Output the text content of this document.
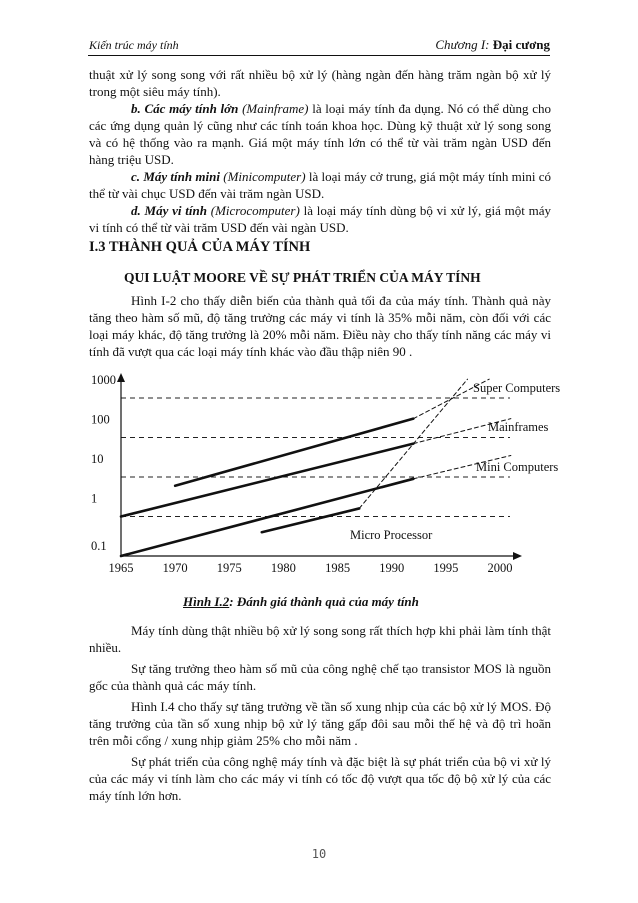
Kiến trúc máy tính	Chương I: Đại cương
thuật xử lý song song với rất nhiều bộ xử lý (hàng ngàn đến hàng trăm ngàn bộ xử lý trong một siêu máy tính).
b. Các máy tính lớn (Mainframe) là loại máy tính đa dụng. Nó có thể dùng cho các ứng dụng quản lý cũng như các tính toán khoa học. Dùng kỹ thuật xử lý song song và có hệ thống vào ra mạnh. Giá một máy tính lớn có thể từ vài trăm ngàn USD đến hàng triệu USD.
c. Máy tính mini (Minicomputer) là loại máy cở trung, giá một máy tính mini có thể từ vài chục USD đến vài trăm ngàn USD.
d. Máy vi tính (Microcomputer) là loại máy tính dùng bộ vi xử lý, giá một máy vi tính có thể từ vài trăm USD đến vài ngàn USD.
I.3 THÀNH QUẢ CỦA MÁY TÍNH
QUI LUẬT MOORE VỀ SỰ PHÁT TRIỂN CỦA MÁY TÍNH
Hình I-2 cho thấy diễn biến của thành quả tối đa của máy tính. Thành quả này tăng theo hàm số mũ, độ tăng trưởng các máy vi tính là 35% mỗi năm, còn đối với các loại máy khác, độ tăng trưởng là 20% mỗi năm. Điều này cho thấy tính năng các máy vi tính đã vượt qua các loại máy tính khác vào đầu thập niên 90 .
0.1
1
10
100
1000
1965 1970 1975 1980 1985 1990 1995 2000
Super Computers
Mainframes
Mini Computers
Micro Processor
Hình I.2: Đánh giá thành quả của máy tính
Máy tính dùng thật nhiều bộ xử lý song song rất thích hợp khi phải làm tính thật nhiều.
Sự tăng trưởng theo hàm số mũ của công nghệ chế tạo transistor MOS là nguồn gốc của thành quả các máy tính.
Hình I.4 cho thấy sự tăng trưởng về tần số xung nhịp của các bộ xử lý MOS. Độ tăng trưởng của tần số xung nhịp bộ xử lý tăng gấp đôi sau mỗi thế hệ và độ trì hoãn trên mỗi cổng / xung nhịp giảm 25% cho mỗi năm .
Sự phát triển của công nghệ máy tính và đặc biệt là sự phát triển của bộ vi xử lý của các máy vi tính làm cho các máy vi tính có tốc độ vượt qua tốc độ bộ xử lý của các máy tính lớn hơn.
10
